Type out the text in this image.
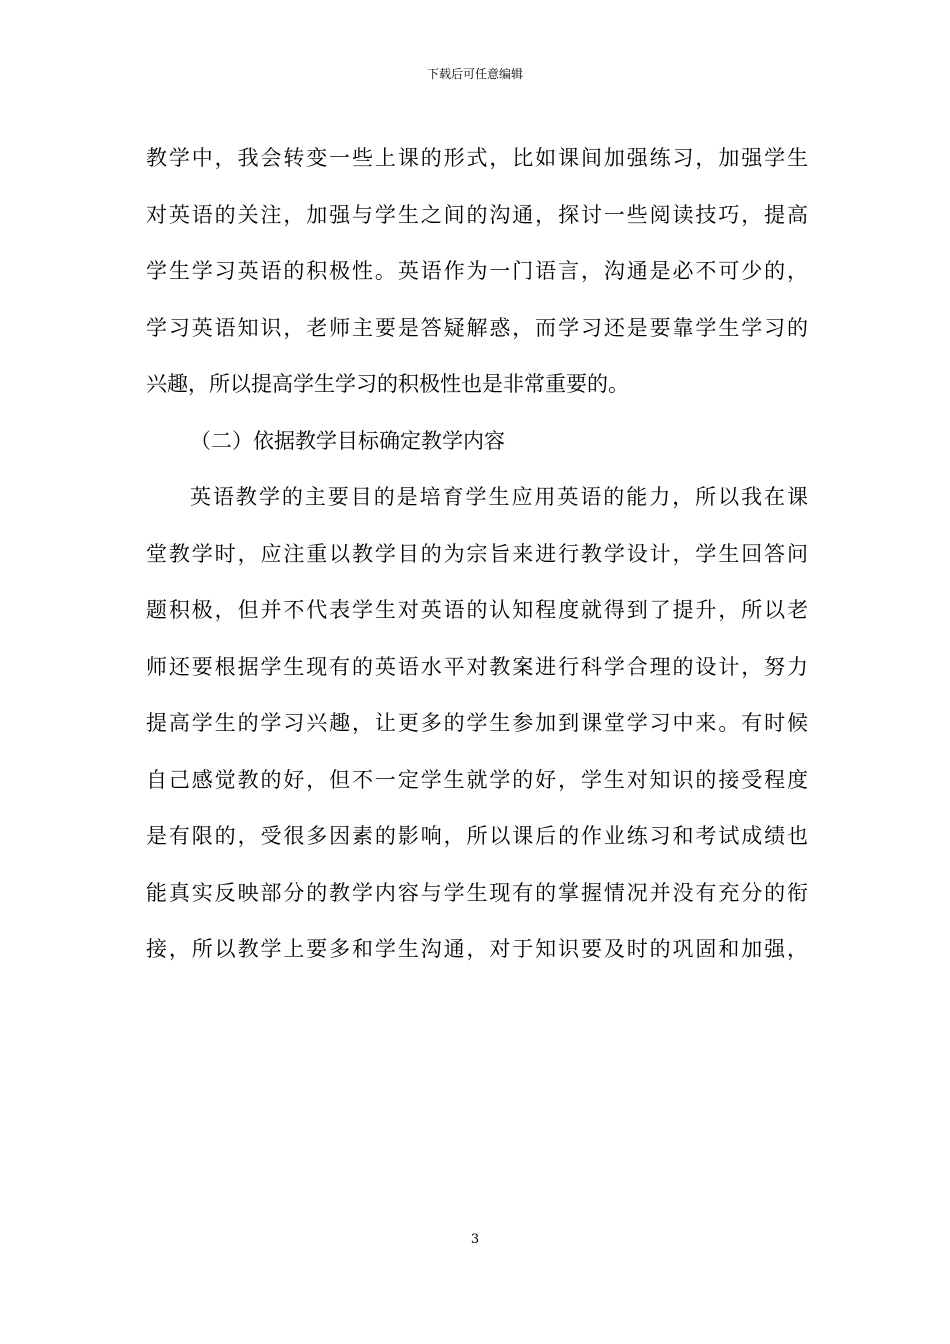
下载后可任意编辑
教学中，我会转变一些上课的形式，比如课间加强练习，加强学生
对英语的关注，加强与学生之间的沟通，探讨一些阅读技巧，提高
学生学习英语的积极性。英语作为一门语言，沟通是必不可少的，
学习英语知识，老师主要是答疑解惑，而学习还是要靠学生学习的
兴趣，所以提高学生学习的积极性也是非常重要的。
（二）依据教学目标确定教学内容
英语教学的主要目的是培育学生应用英语的能力，所以我在课
堂教学时，应注重以教学目的为宗旨来进行教学设计，学生回答问
题积极，但并不代表学生对英语的认知程度就得到了提升，所以老
师还要根据学生现有的英语水平对教案进行科学合理的设计，努力
提高学生的学习兴趣，让更多的学生参加到课堂学习中来。有时候
自己感觉教的好，但不一定学生就学的好，学生对知识的接受程度
是有限的，受很多因素的影响，所以课后的作业练习和考试成绩也
能真实反映部分的教学内容与学生现有的掌握情况并没有充分的衔
接，所以教学上要多和学生沟通，对于知识要及时的巩固和加强，
3
